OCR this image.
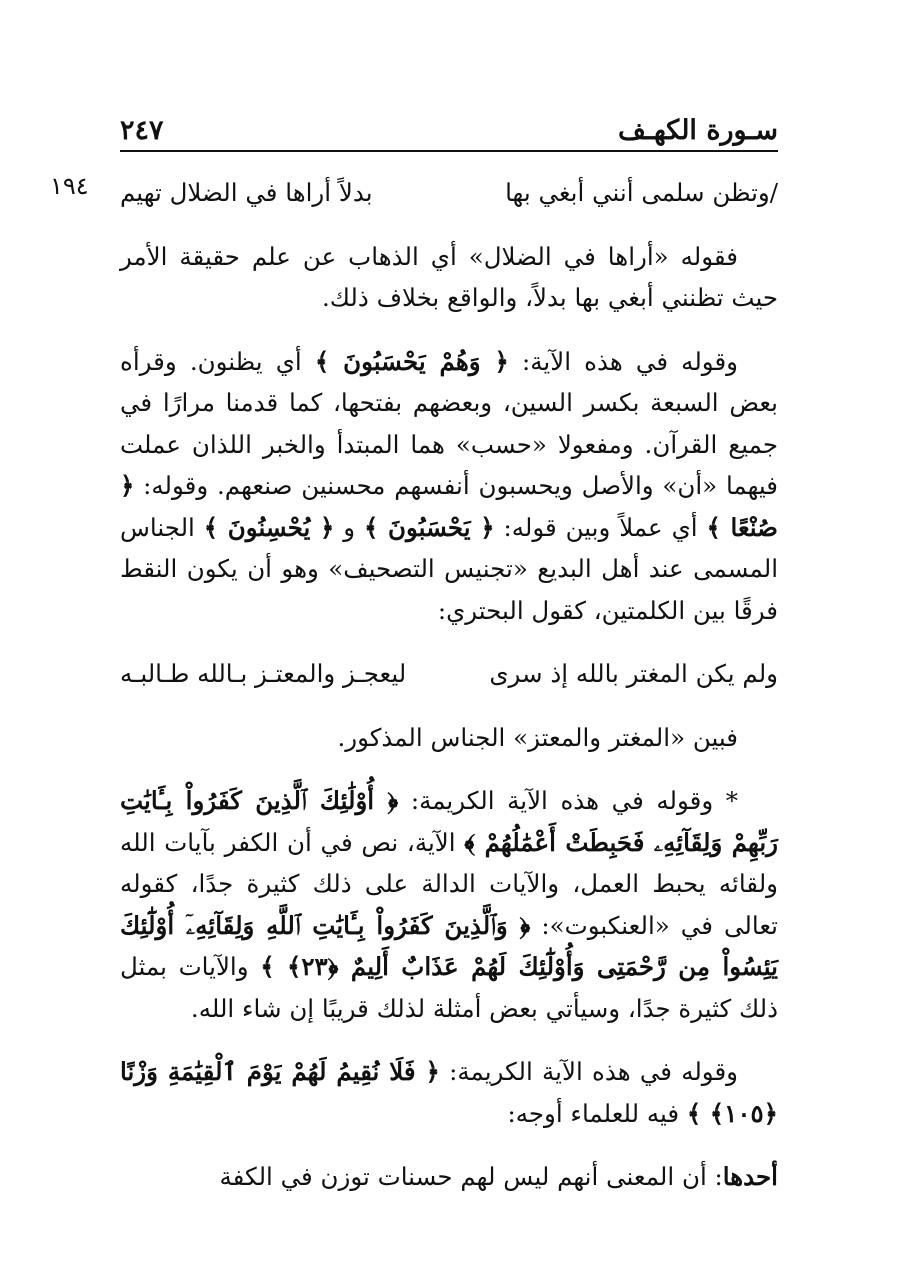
سـورة الكهـف
٢٤٧
١٩٤	/وتظن سلمى أنني أبغي بها
بدلاً أراها في الضلال تهيم

فقوله «أراها في الضلال» أي الذهاب عن علم حقيقة الأمر حيث تظنني أبغي بها بدلاً، والواقع بخلاف ذلك.

وقوله في هذه الآية: ﴿ وَهُمْ يَحْسَبُونَ ﴾ أي يظنون. وقرأه بعض السبعة بكسر السين، وبعضهم بفتحها، كما قدمنا مرارًا في جميع القرآن. ومفعولا «حسب» هما المبتدأ والخبر اللذان عملت فيهما «أن» والأصل ويحسبون أنفسهم محسنين صنعهم. وقوله: ﴿ صُنْعًا ﴾ أي عملاً وبين قوله: ﴿ يَحْسَبُونَ ﴾ و ﴿ يُحْسِنُونَ ﴾ الجناس المسمى عند أهل البديع «تجنيس التصحيف» وهو أن يكون النقط فرقًا بين الكلمتين، كقول البحتري:

ولم يكن المغتر بالله إذ سرى
ليعجـز والمعتـز بـالله طـالبـه

فبين «المغتر والمعتز» الجناس المذكور.

* وقوله في هذه الآية الكريمة: ﴿ أُوْلَٰئِكَ ٱلَّذِينَ كَفَرُواْ بِـَٔايَٰتِ رَبِّهِمْ وَلِقَآئِهِۦ فَحَبِطَتْ أَعْمَٰلُهُمْ ﴾ الآية، نص في أن الكفر بآيات الله ولقائه يحبط العمل، والآيات الدالة على ذلك كثيرة جدًا، كقوله تعالى في «العنكبوت»: ﴿ وَٱلَّذِينَ كَفَرُواْ بِـَٔايَٰتِ ٱللَّهِ وَلِقَآئِهِۦٓ أُوْلَٰٓئِكَ يَئِسُواْ مِن رَّحْمَتِى وَأُوْلَٰٓئِكَ لَهُمْ عَذَابٌ أَلِيمٌ ﴿٢٣﴾ ﴾ والآيات بمثل ذلك كثيرة جدًا، وسيأتي بعض أمثلة لذلك قريبًا إن شاء الله.

وقوله في هذه الآية الكريمة: ﴿ فَلَا نُقِيمُ لَهُمْ يَوْمَ ٱلْقِيَٰمَةِ وَزْنًا ﴿١٠٥﴾ ﴾ فيه للعلماء أوجه:

أحدها: أن المعنى أنهم ليس لهم حسنات توزن في الكفة
